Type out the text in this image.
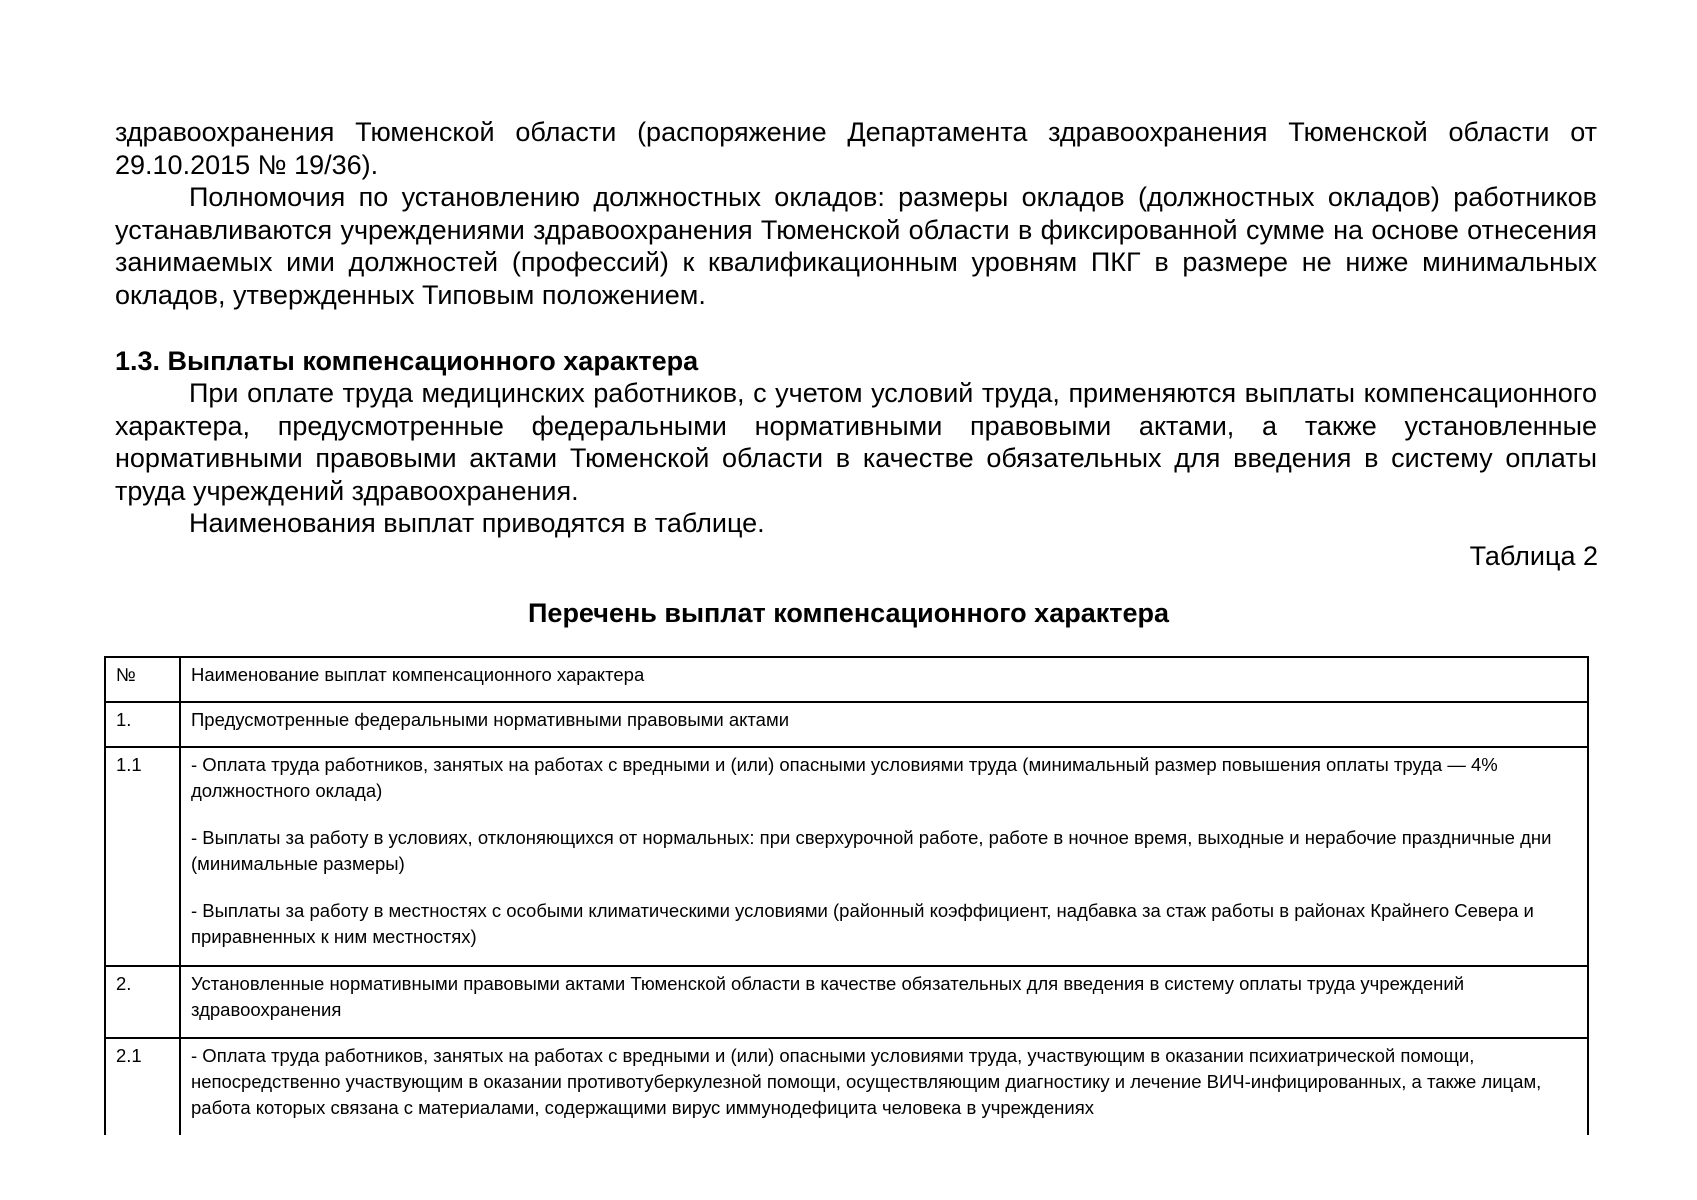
здравоохранения Тюменской области (распоряжение Департамента здравоохранения Тюменской области от 29.10.2015 № 19/36).
Полномочия по установлению должностных окладов: размеры окладов (должностных окладов) работников устанавливаются учреждениями здравоохранения Тюменской области в фиксированной сумме на основе отнесения занимаемых ими должностей (профессий) к квалификационным уровням ПКГ в размере не ниже минимальных окладов, утвержденных Типовым положением.
1.3. Выплаты компенсационного характера
При оплате труда медицинских работников, с учетом условий труда, применяются выплаты компенсационного характера, предусмотренные федеральными нормативными правовыми актами, а также установленные нормативными правовыми актами Тюменской области в качестве обязательных для введения в систему оплаты труда учреждений здравоохранения.
Наименования выплат приводятся в таблице.
Таблица 2
Перечень выплат компенсационного характера
№	Наименование выплат компенсационного характера
1.	Предусмотренные федеральными нормативными правовыми актами
1.1	- Оплата труда работников, занятых на работах с вредными и (или) опасными условиями труда (минимальный размер повышения оплаты труда — 4% должностного оклада)
- Выплаты за работу в условиях, отклоняющихся от нормальных: при сверхурочной работе, работе в ночное время, выходные и нерабочие праздничные дни (минимальные размеры)
- Выплаты за работу в местностях с особыми климатическими условиями (районный коэффициент, надбавка за стаж работы в районах Крайнего Севера и приравненных к ним местностях)
2.	Установленные нормативными правовыми актами Тюменской области в качестве обязательных для введения в систему оплаты труда учреждений здравоохранения
2.1	- Оплата труда работников, занятых на работах с вредными и (или) опасными условиями труда, участвующим в оказании психиатрической помощи, непосредственно участвующим в оказании противотуберкулезной помощи, осуществляющим диагностику и лечение ВИЧ-инфицированных, а также лицам, работа которых связана с материалами, содержащими вирус иммунодефицита человека в учреждениях
